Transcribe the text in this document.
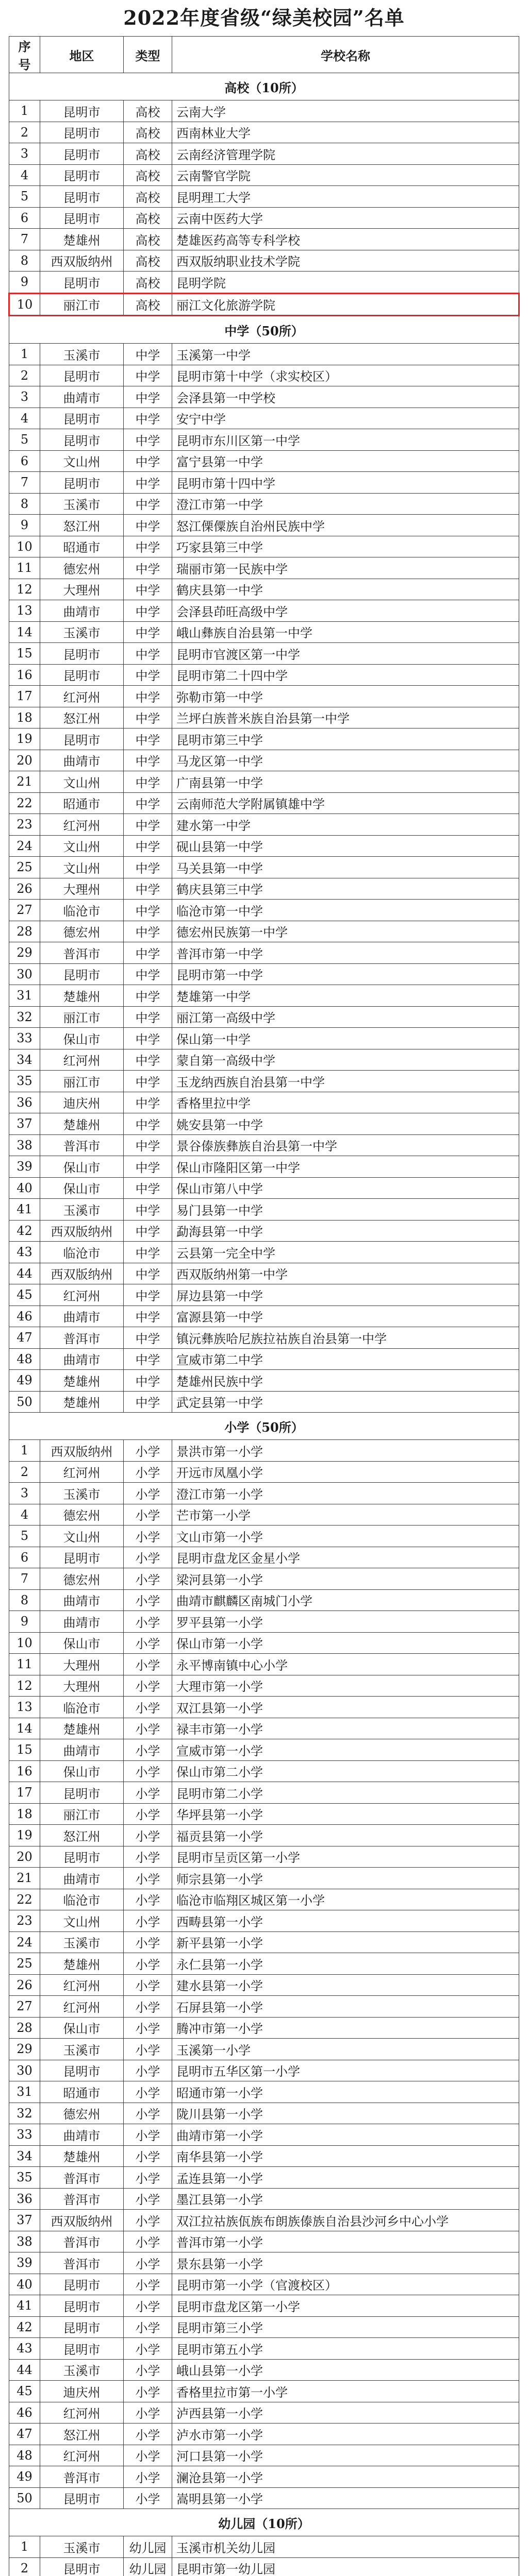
2022年度省级“绿美校园”名单
序号	地区	类型	学校名称
高校（10所）			
1	昆明市	高校	云南大学
2	昆明市	高校	西南林业大学
3	昆明市	高校	云南经济管理学院
4	昆明市	高校	云南警官学院
5	昆明市	高校	昆明理工大学
6	昆明市	高校	云南中医药大学
7	楚雄州	高校	楚雄医药高等专科学校
8	西双版纳州	高校	西双版纳职业技术学院
9	昆明市	高校	昆明学院
10	丽江市	高校	丽江文化旅游学院
中学（50所）			
1	玉溪市	中学	玉溪第一中学
2	昆明市	中学	昆明市第十中学（求实校区）
3	曲靖市	中学	会泽县第一中学校
4	昆明市	中学	安宁中学
5	昆明市	中学	昆明市东川区第一中学
6	文山州	中学	富宁县第一中学
7	昆明市	中学	昆明市第十四中学
8	玉溪市	中学	澄江市第一中学
9	怒江州	中学	怒江傈僳族自治州民族中学
10	昭通市	中学	巧家县第三中学
11	德宏州	中学	瑞丽市第一民族中学
12	大理州	中学	鹤庆县第一中学
13	曲靖市	中学	会泽县茚旺高级中学
14	玉溪市	中学	峨山彝族自治县第一中学
15	昆明市	中学	昆明市官渡区第一中学
16	昆明市	中学	昆明市第二十四中学
17	红河州	中学	弥勒市第一中学
18	怒江州	中学	兰坪白族普米族自治县第一中学
19	昆明市	中学	昆明市第三中学
20	曲靖市	中学	马龙区第一中学
21	文山州	中学	广南县第一中学
22	昭通市	中学	云南师范大学附属镇雄中学
23	红河州	中学	建水第一中学
24	文山州	中学	砚山县第一中学
25	文山州	中学	马关县第一中学
26	大理州	中学	鹤庆县第三中学
27	临沧市	中学	临沧市第一中学
28	德宏州	中学	德宏州民族第一中学
29	普洱市	中学	普洱市第一中学
30	昆明市	中学	昆明市第一中学
31	楚雄州	中学	楚雄第一中学
32	丽江市	中学	丽江第一高级中学
33	保山市	中学	保山第一中学
34	红河州	中学	蒙自第一高级中学
35	丽江市	中学	玉龙纳西族自治县第一中学
36	迪庆州	中学	香格里拉中学
37	楚雄州	中学	姚安县第一中学
38	普洱市	中学	景谷傣族彝族自治县第一中学
39	保山市	中学	保山市隆阳区第一中学
40	保山市	中学	保山市第八中学
41	玉溪市	中学	易门县第一中学
42	西双版纳州	中学	勐海县第一中学
43	临沧市	中学	云县第一完全中学
44	西双版纳州	中学	西双版纳州第一中学
45	红河州	中学	屏边县第一中学
46	曲靖市	中学	富源县第一中学
47	普洱市	中学	镇沅彝族哈尼族拉祜族自治县第一中学
48	曲靖市	中学	宣威市第二中学
49	楚雄州	中学	楚雄州民族中学
50	楚雄州	中学	武定县第一中学
小学（50所）			
1	西双版纳州	小学	景洪市第一小学
2	红河州	小学	开远市凤凰小学
3	玉溪市	小学	澄江市第一小学
4	德宏州	小学	芒市第一小学
5	文山州	小学	文山市第一小学
6	昆明市	小学	昆明市盘龙区金星小学
7	德宏州	小学	梁河县第一小学
8	曲靖市	小学	曲靖市麒麟区南城门小学
9	曲靖市	小学	罗平县第一小学
10	保山市	小学	保山市第一小学
11	大理州	小学	永平博南镇中心小学
12	大理州	小学	大理市第一小学
13	临沧市	小学	双江县第一小学
14	楚雄州	小学	禄丰市第一小学
15	曲靖市	小学	宣威市第一小学
16	保山市	小学	保山市第二小学
17	昆明市	小学	昆明市第二小学
18	丽江市	小学	华坪县第一小学
19	怒江州	小学	福贡县第一小学
20	昆明市	小学	昆明市呈贡区第一小学
21	曲靖市	小学	师宗县第一小学
22	临沧市	小学	临沧市临翔区城区第一小学
23	文山州	小学	西畴县第一小学
24	玉溪市	小学	新平县第一小学
25	楚雄州	小学	永仁县第一小学
26	红河州	小学	建水县第一小学
27	红河州	小学	石屏县第一小学
28	保山市	小学	腾冲市第一小学
29	玉溪市	小学	玉溪第一小学
30	昆明市	小学	昆明市五华区第一小学
31	昭通市	小学	昭通市第一小学
32	德宏州	小学	陇川县第一小学
33	曲靖市	小学	曲靖市第一小学
34	楚雄州	小学	南华县第一小学
35	普洱市	小学	孟连县第一小学
36	普洱市	小学	墨江县第一小学
37	西双版纳州	小学	双江拉祜族佤族布朗族傣族自治县沙河乡中心小学
38	普洱市	小学	普洱市第一小学
39	普洱市	小学	景东县第一小学
40	昆明市	小学	昆明市第一小学（官渡校区）
41	昆明市	小学	昆明市盘龙区第一小学
42	昆明市	小学	昆明市第三小学
43	昆明市	小学	昆明市第五小学
44	玉溪市	小学	峨山县第一小学
45	迪庆州	小学	香格里拉市第一小学
46	红河州	小学	泸西县第一小学
47	怒江州	小学	泸水市第一小学
48	红河州	小学	河口县第一小学
49	普洱市	小学	澜沧县第一小学
50	昆明市	小学	嵩明县第一小学
幼儿园（10所）			
1	玉溪市	幼儿园	玉溪市机关幼儿园
2	昆明市	幼儿园	昆明市第一幼儿园
